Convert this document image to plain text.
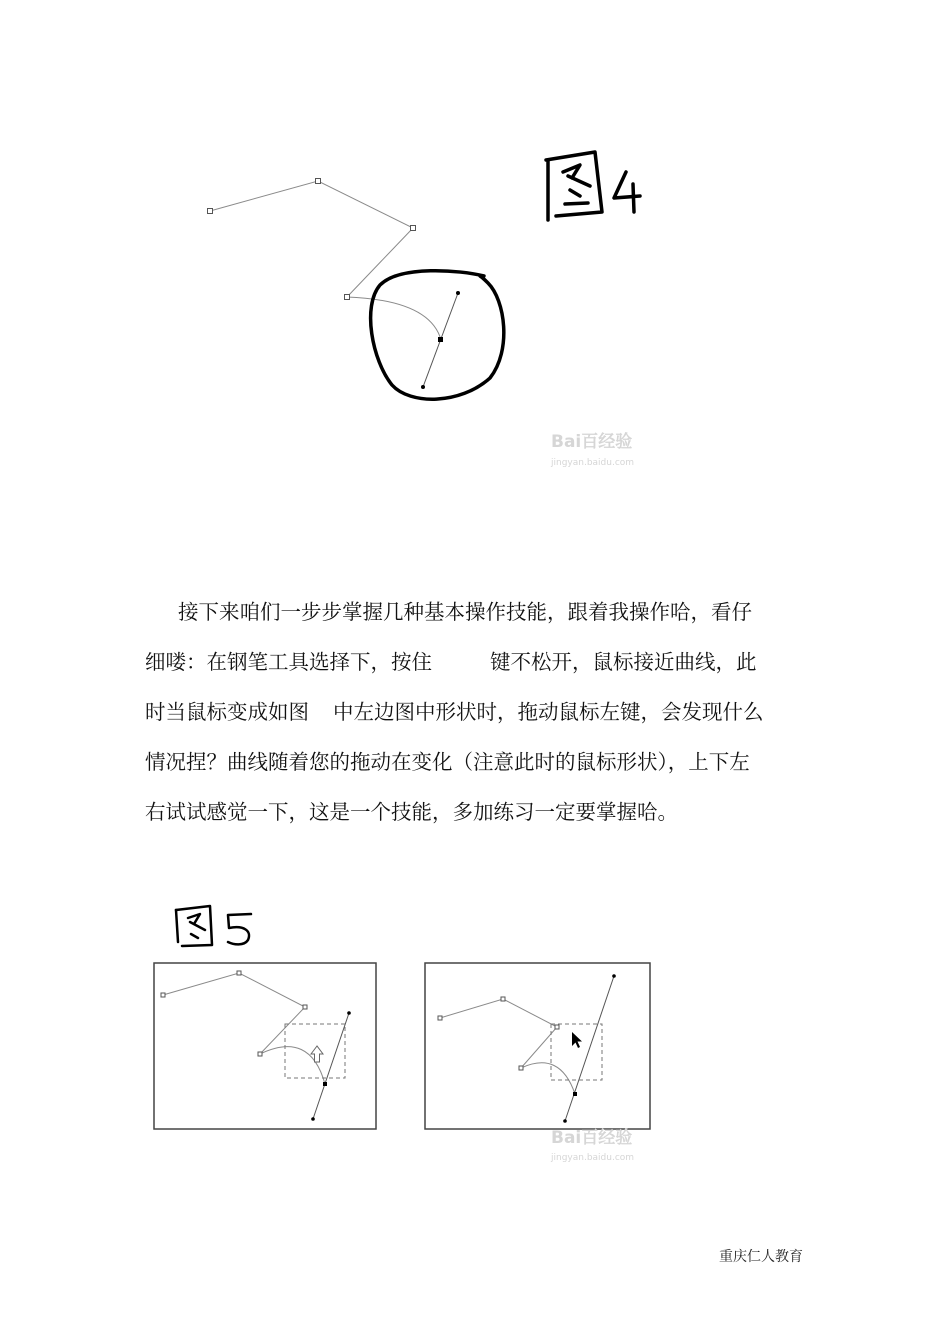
图4
Bai百经验
jingyan.baidu.com
接下来咱们一步步掌握几种基本操作技能，跟着我操作哈，看仔
细喽：在钢笔工具选择下，按住	键不松开，鼠标接近曲线，此
时当鼠标变成如图 中左边图中形状时，拖动鼠标左键，会发现什么
情况捏？曲线随着您的拖动在变化（注意此时的鼠标形状），上下左
右试试感觉一下，这是一个技能，多加练习一定要掌握哈。
图5
Bai百经验
jingyan.baidu.com
重庆仁人教育
